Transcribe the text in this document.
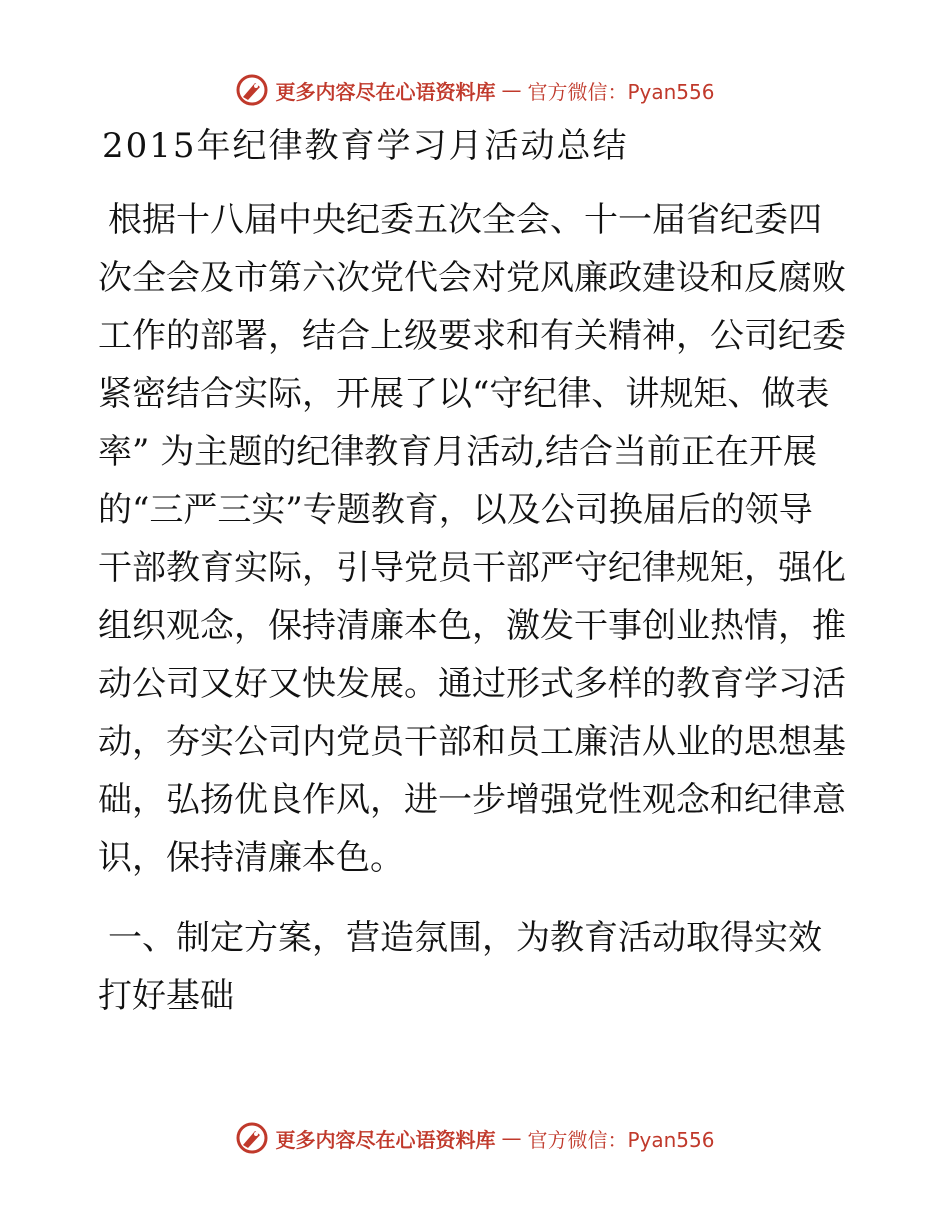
更多内容尽在心语资料库 — 官方微信：Pyan556
2015年纪律教育学习月活动总结

根据十八届中央纪委五次全会、十一届省纪委四

次全会及市第六次党代会对党风廉政建设和反腐败

工作的部署，结合上级要求和有关精神，公司纪委

紧密结合实际，开展了以“守纪律、讲规矩、做表

率” 为主题的纪律教育月活动,结合当前正在开展

的“三严三实”专题教育，以及公司换届后的领导

干部教育实际，引导党员干部严守纪律规矩，强化

组织观念，保持清廉本色，激发干事创业热情，推

动公司又好又快发展。通过形式多样的教育学习活

动，夯实公司内党员干部和员工廉洁从业的思想基

础，弘扬优良作风，进一步增强党性观念和纪律意

识，保持清廉本色。

一、制定方案，营造氛围，为教育活动取得实效

打好基础

更多内容尽在心语资料库 — 官方微信：Pyan556
